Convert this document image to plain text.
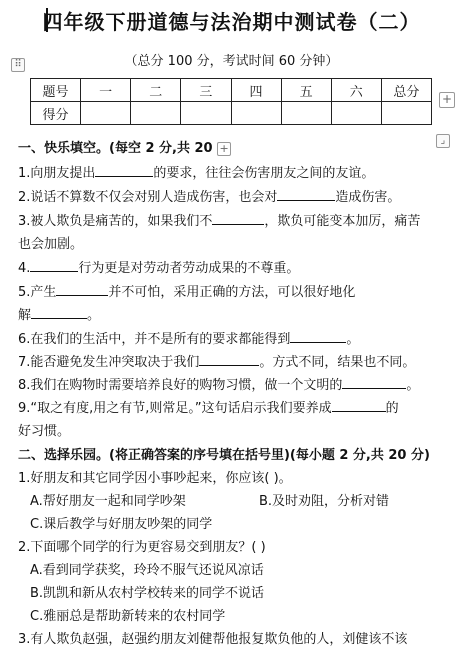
四年级下册道德与法治期中测试卷（二）
（总分 100 分，考试时间 60 分钟）
⠿
题号	一	二	三	四	五	六	总分
得分							
+
⌟
一、快乐填空。(每空 2 分,共 20 +
1.向朋友提出	的要求，往往会伤害朋友之间的友谊。
2.说话不算数不仅会对别人造成伤害，也会对	造成伤害。
3.被人欺负是痛苦的，如果我们不	，欺负可能变本加厉，痛苦
也会加剧。
4.	行为更是对劳动者劳动成果的不尊重。
5.产生	并不可怕，采用正确的方法，可以很好地化
解	。
6.在我们的生活中，并不是所有的要求都能得到	。
7.能否避免发生冲突取决于我们	。方式不同，结果也不同。
8.我们在购物时需要培养良好的购物习惯，做一个文明的	。
9.“取之有度,用之有节,则常足。”这句话启示我们要养成	的
好习惯。
二、选择乐园。(将正确答案的序号填在括号里)(每小题 2 分,共 20 分)
1.好朋友和其它同学因小事吵起来，你应该( )。
A.帮好朋友一起和同学吵架	B.及时劝阻，分析对错
C.课后教学与好朋友吵架的同学
2.下面哪个同学的行为更容易交到朋友？( )
A.看到同学获奖，玲玲不服气还说风凉话
B.凯凯和新从农村学校转来的同学不说话
C.雅丽总是帮助新转来的农村同学
3.有人欺负赵强，赵强约朋友刘健帮他报复欺负他的人，刘健该不该
